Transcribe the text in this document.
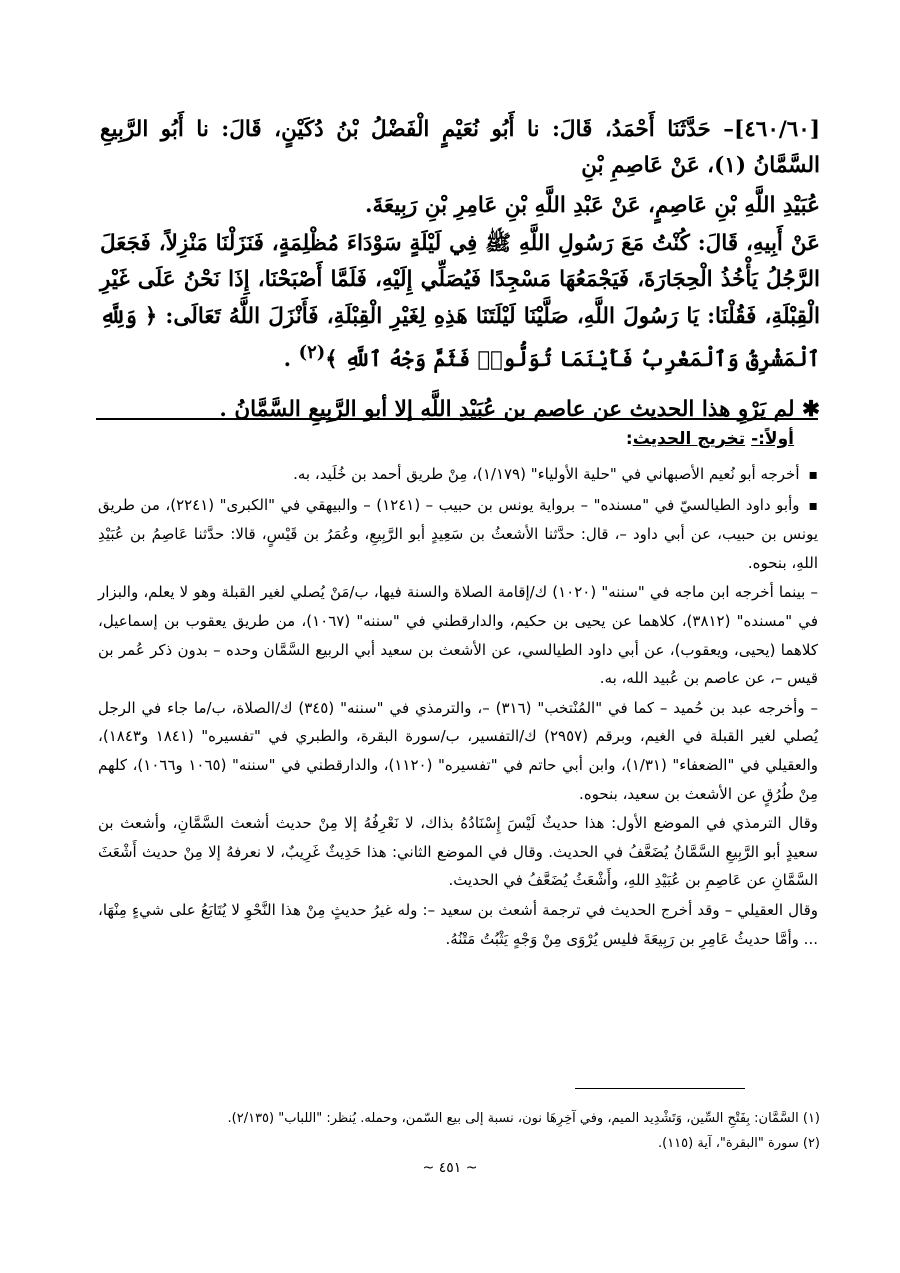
[٤٦٠/٦٠]– حَدَّثَنَا أَحْمَدُ، قَالَ: نا أَبُو نُعَيْمٍ الْفَضْلُ بْنُ دُكَيْنٍ، قَالَ: نا أَبُو الرَّبِيعِ السَّمَّانُ (١)، عَنْ عَاصِمِ بْنِ

عُبَيْدِ اللَّهِ بْنِ عَاصِمٍ، عَنْ عَبْدِ اللَّهِ بْنِ عَامِرِ بْنِ رَبِيعَةَ.

عَنْ أَبِيهِ، قَالَ: كُنْتُ مَعَ رَسُولِ اللَّهِ ﷺ فِي لَيْلَةٍ سَوْدَاءَ مُظْلِمَةٍ، فَنَزَلْنَا مَنْزِلاً، فَجَعَلَ الرَّجُلُ يَأْخُذُ الْحِجَارَةَ، فَيَجْمَعُهَا مَسْجِدًا فَيُصَلِّي إِلَيْهِ، فَلَمَّا أَصْبَحْنَا، إِذَا نَحْنُ عَلَى غَيْرِ الْقِبْلَةِ، فَقُلْنَا: يَا رَسُولَ اللَّهِ، صَلَّيْنَا لَيْلَتَنَا هَذِهِ لِغَيْرِ الْقِبْلَةِ، فَأَنْزَلَ اللَّهُ تَعَالَى: ﴿ وَلِلَّهِ ٱلْمَشْرِقُ وَٱلْمَغْرِبُ فَأَيْنَمَا تُوَلُّوا۟ فَثَمَّ وَجْهُ ٱللَّهِ ﴾$^{(٢)}$ .

✱ لم يَرْوِ هذا الحديث عن عاصم بن عُبَيْدِ اللَّهِ إلا أبو الرَّبِيعِ السَّمَّانُ .

أولاً:- تخريج الحديث:

▪ أخرجه أبو نُعيم الأصبهاني في "حلية الأولياء" (١/١٧٩)، مِنْ طريق أحمد بن خُلَيد، به.

▪ وأبو داود الطيالسيّ في "مسنده" – برواية يونس بن حبيب – (١٢٤١) – والبيهقي في "الكبرى" (٢٢٤١)، من طريق يونس بن حبيب، عن أبي داود –، قال: حدَّثنا الأشعثُ بن سَعِيدٍ أبو الرَّبِيعِ، وعُمَرُ بن قَيْسٍ، قالا: حدَّثنا عَاصِمُ بن عُبَيْدِ اللهِ، بنحوه.

– بينما أخرجه ابن ماجه في "سننه" (١٠٢٠) ك/إقامة الصلاة والسنة فيها، ب/مَنْ يُصلي لغير القبلة وهو لا يعلم، والبزار في "مسنده" (٣٨١٢)، كلاهما عن يحيى بن حكيم، والدارقطني في "سننه" (١٠٦٧)، من طريق يعقوب بن إسماعيل، كلاهما (يحيى، ويعقوب)، عن أبي داود الطيالسي، عن الأشعث بن سعيد أبي الربيع السَّمَّان وحده – بدون ذكر عُمر بن قيس –، عن عاصم بن عُبيد الله، به.

– وأخرجه عبد بن حُميد – كما في "المُنْتخب" (٣١٦) –، والترمذي في "سننه" (٣٤٥) ك/الصلاة، ب/ما جاء في الرجل يُصلي لغير القبلة في الغيم، وبرقم (٢٩٥٧) ك/التفسير، ب/سورة البقرة، والطبري في "تفسيره" (١٨٤١ و١٨٤٣)، والعقيلي في "الضعفاء" (١/٣١)، وابن أبي حاتم في "تفسيره" (١١٢٠)، والدارقطني في "سننه" (١٠٦٥ و١٠٦٦)، كلهم مِنْ طُرُقٍ عن الأشعث بن سعيد، بنحوه.

وقال الترمذي في الموضع الأول: هذا حديثٌ لَيْسَ إِسْنَادُهُ بذاك، لا نَعْرِفُهُ إلا مِنْ حديث أشعث السَّمَّانِ، وأشعث بن سعيدٍ أبو الرَّبِيعِ السَّمَّانُ يُضَعَّفُ في الحديث. وقال في الموضع الثاني: هذا حَدِيثٌ غَرِيبٌ، لا نعرفهُ إلا مِنْ حديث أَشْعَثَ السَّمَّانِ عن عَاصِمِ بن عُبَيْدِ اللهِ، وأَشْعَثُ يُضَعَّفُ في الحديث.

وقال العقيلي – وقد أخرج الحديث في ترجمة أشعث بن سعيد –: وله غيرُ حديثٍ مِنْ هذا النَّحْوِ لا يُتَابَعُ على شيءٍ مِنْهَا، ... وأمَّا حديثُ عَامِرِ بن رَبِيعَةَ فليس يُرْوَى مِنْ وَجْهٍ يَثْبُتُ مَتْنُهُ.

(١) السَّمَّان: بِفَتْحِ السِّين، وَتَشْدِيد الميم، وفي آخِرِهَا نون، نسبة إلى بيع السّمن، وحمله. يُنظر: "اللباب" (٢/١٣٥).

(٢) سورة "البقرة"، آية (١١٥).

~ ٤٥١ ~
